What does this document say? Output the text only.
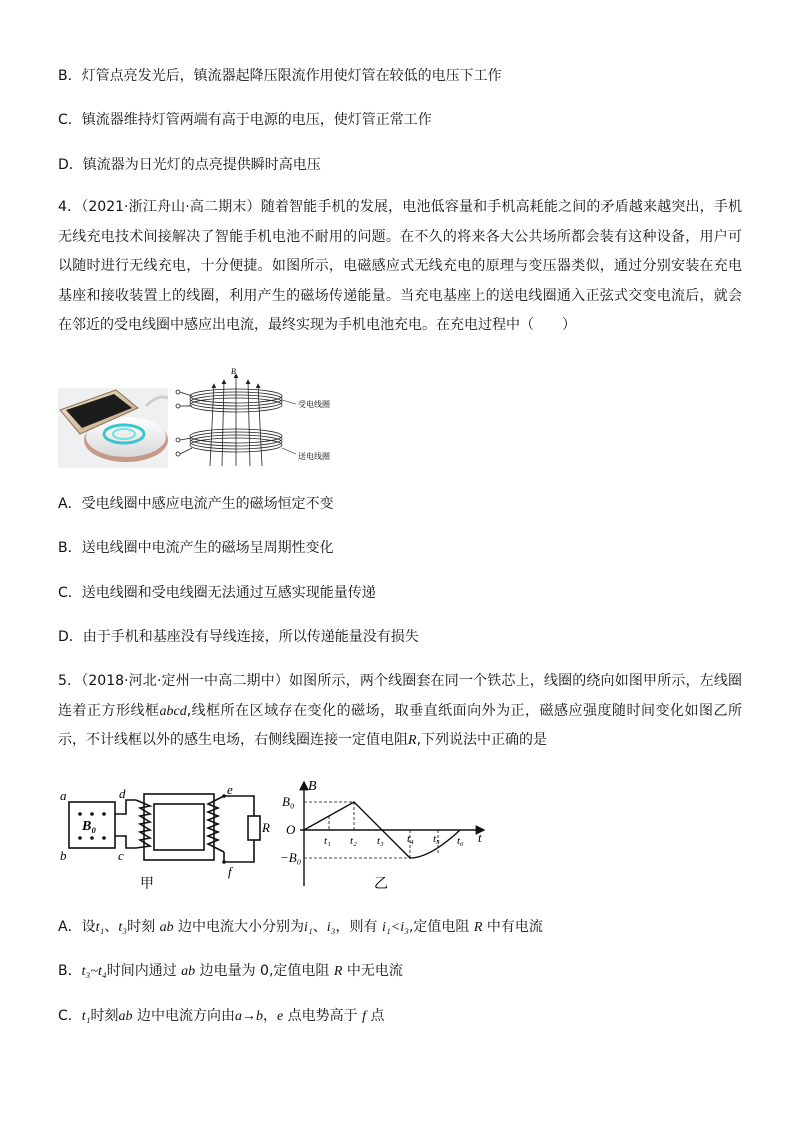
B．灯管点亮发光后，镇流器起降压限流作用使灯管在较低的电压下工作
C．镇流器维持灯管两端有高于电源的电压，使灯管正常工作
D．镇流器为日光灯的点亮提供瞬时高电压
4．（2021·浙江舟山·高二期末）随着智能手机的发展，电池低容量和手机高耗能之间的矛盾越来越突出，手机无线充电技术间接解决了智能手机电池不耐用的问题。在不久的将来各大公共场所都会装有这种设备，用户可以随时进行无线充电，十分便捷。如图所示，电磁感应式无线充电的原理与变压器类似，通过分别安装在充电基座和接收装置上的线圈，利用产生的磁场传递能量。当充电基座上的送电线圈通入正弦式交变电流后，就会在邻近的受电线圈中感应出电流，最终实现为手机电池充电。在充电过程中（　　）
B
受电线圈
送电线圈
A．受电线圈中感应电流产生的磁场恒定不变
B．送电线圈中电流产生的磁场呈周期性变化
C．送电线圈和受电线圈无法通过互感实现能量传递
D．由于手机和基座没有导线连接，所以传递能量没有损失
5．（2018·河北·定州一中高二期中）如图所示，两个线圈套在同一个铁芯上，线圈的绕向如图甲所示，左线圈连着正方形线框abcd,线框所在区域存在变化的磁场，取垂直纸面向外为正，磁感应强度随时间变化如图乙所示，不计线框以外的感生电场，右侧线圈连接一定值电阻R,下列说法中正确的是
a
b	c
d	e
f
B₀	R
甲
B
B₀
O
−B₀
t
t₁ t₂ t₃ t₄ t₅ t₆
乙
A．设t₁、t₃时刻 ab 边中电流大小分别为i₁、i₃，则有 i₁<i₃,定值电阻 R 中有电流
B．t₃~t₄时间内通过 ab 边电量为 0,定值电阻 R 中无电流
C．t₁时刻ab 边中电流方向由a→b，e 点电势高于 f 点
